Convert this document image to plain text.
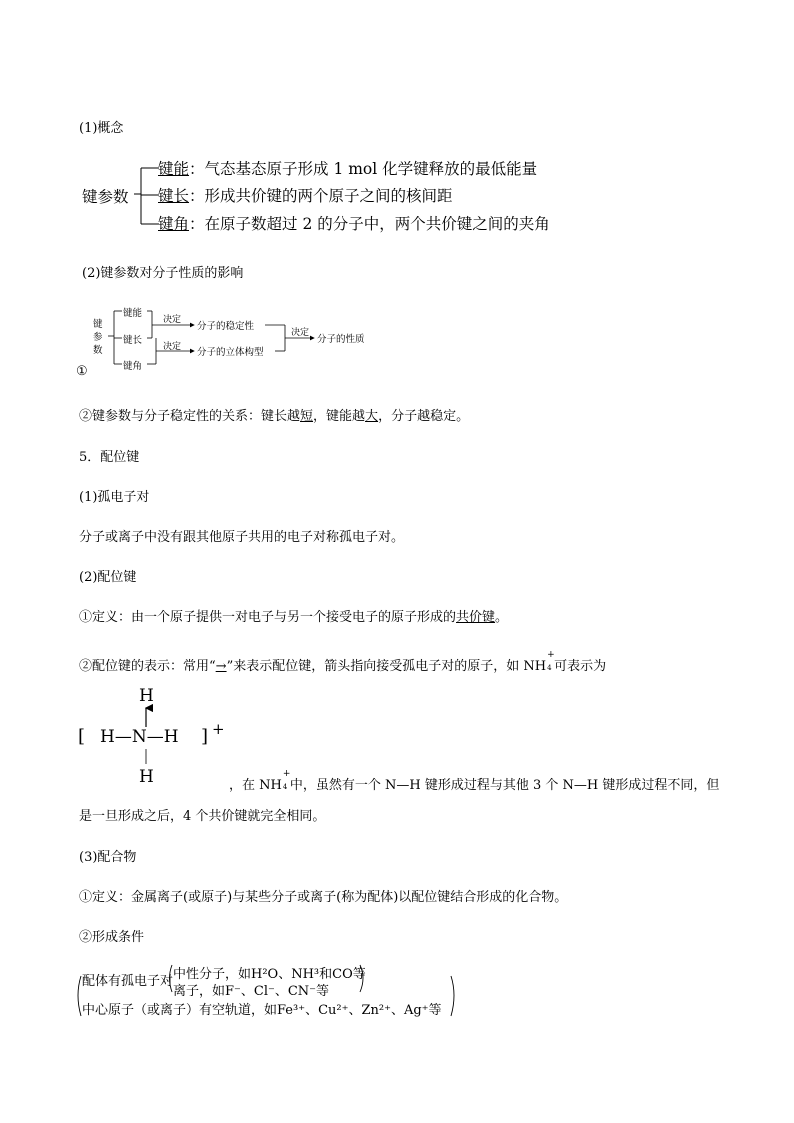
(1)概念
键参数
键能：气态基态原子形成 1 mol 化学键释放的最低能量
键长：形成共价键的两个原子之间的核间距
键角：在原子数超过 2 的分子中，两个共价键之间的夹角
(2)键参数对分子性质的影响
键
参
数
键能
键长
键角
决定
决定
分子的稳定性
分子的立体构型
决定
分子的性质
①
②键参数与分子稳定性的关系：键长越短，键能越大，分子越稳定。
5．配位键
(1)孤电子对
分子或离子中没有跟其他原子共用的电子对称孤电子对。
(2)配位键
①定义：由一个原子提供一对电子与另一个接受电子的原子形成的共价键。
②配位键的表示：常用“→”来表示配位键，箭头指向接受孤电子对的原子，如 NH
+
4 可表示为
H
[ H—N—H ] +
H	，在 NH
+
4 中，虽然有一个 N—H 键形成过程与其他 3 个 N—H 键形成过程不同，但
是一旦形成之后，4 个共价键就完全相同。
(3)配合物
①定义：金属离子(或原子)与某些分子或离子(称为配体)以配位键结合形成的化合物。
②形成条件
配体有孤电子对 中性分子，如H²O、NH³和CO等
离子，如F⁻、Cl⁻、CN⁻等
中心原子（或离子）有空轨道，如Fe³⁺、Cu²⁺、Zn²⁺、Ag⁺等
